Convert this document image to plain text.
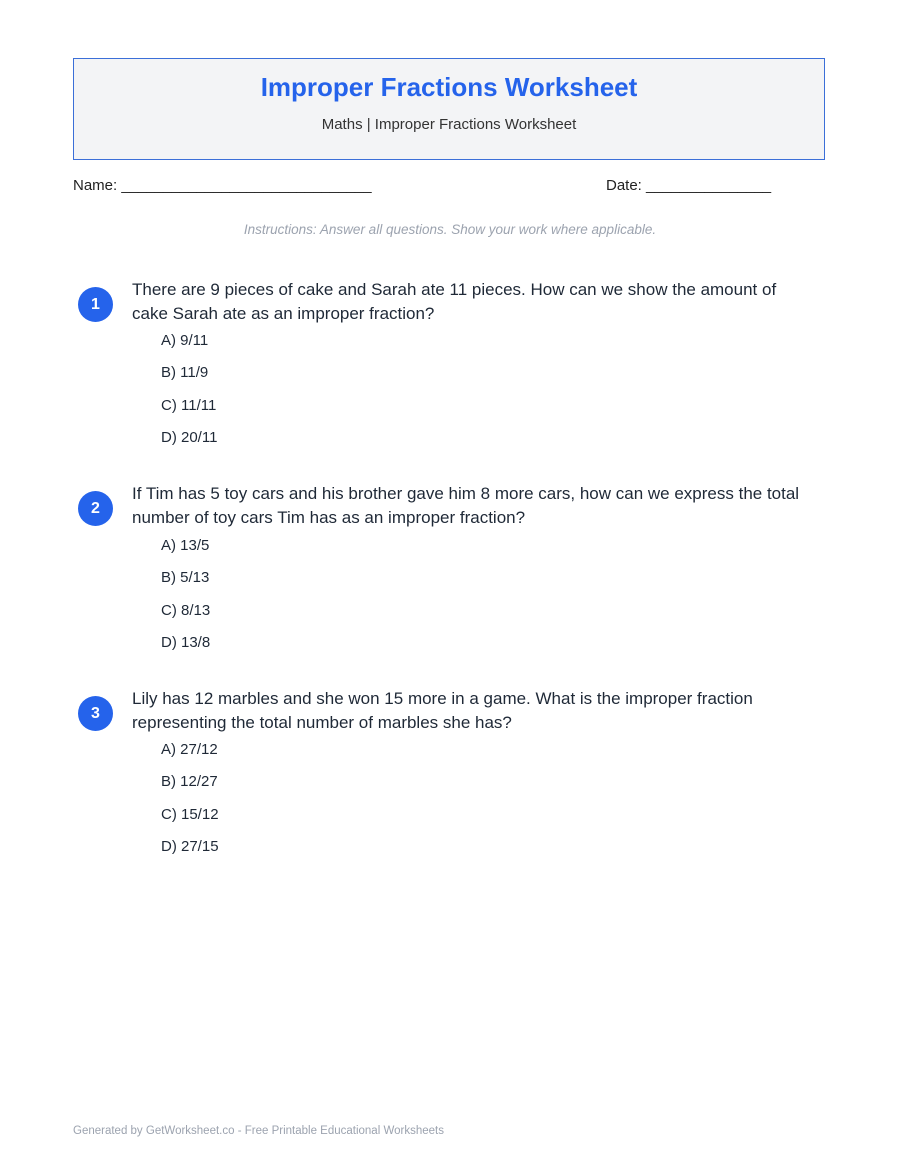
Improper Fractions Worksheet
Maths | Improper Fractions Worksheet
Name: ______________________________	Date: _______________
Instructions: Answer all questions. Show your work where applicable.
1
There are 9 pieces of cake and Sarah ate 11 pieces. How can we show the amount of cake Sarah ate as an improper fraction?
A) 9/11
B) 11/9
C) 11/11
D) 20/11
2
If Tim has 5 toy cars and his brother gave him 8 more cars, how can we express the total number of toy cars Tim has as an improper fraction?
A) 13/5
B) 5/13
C) 8/13
D) 13/8
3
Lily has 12 marbles and she won 15 more in a game. What is the improper fraction representing the total number of marbles she has?
A) 27/12
B) 12/27
C) 15/12
D) 27/15
Generated by GetWorksheet.co - Free Printable Educational Worksheets
